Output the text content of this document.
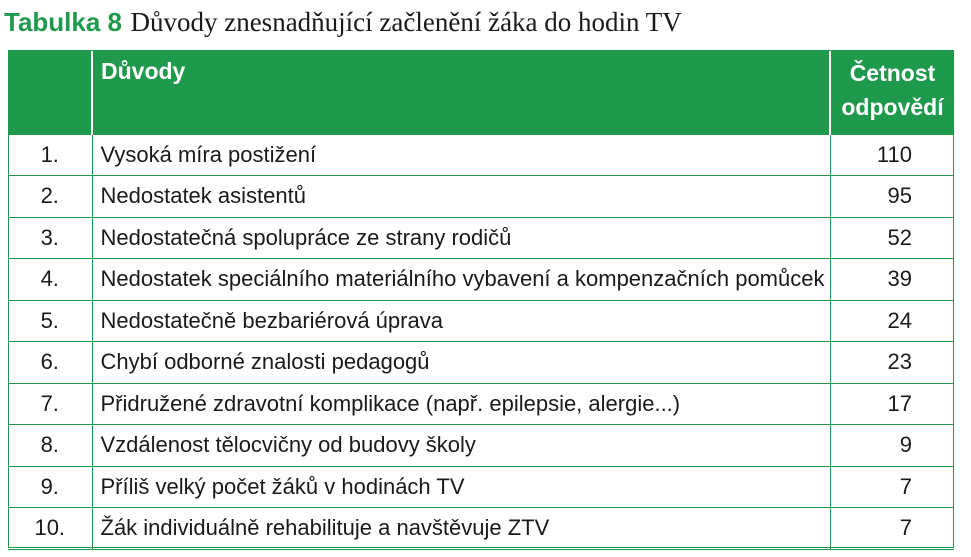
Tabulka 8 Důvody znesnadňující začlenění žáka do hodin TV
	Důvody	Četnost
odpovědí
1.	Vysoká míra postižení	110
2.	Nedostatek asistentů	95
3.	Nedostatečná spolupráce ze strany rodičů	52
4.	Nedostatek speciálního materiálního vybavení a kompenzačních pomůcek	39
5.	Nedostatečně bezbariérová úprava	24
6.	Chybí odborné znalosti pedagogů	23
7.	Přidružené zdravotní komplikace (např. epilepsie, alergie...)	17
8.	Vzdálenost tělocvičny od budovy školy	9
9.	Příliš velký počet žáků v hodinách TV	7
10.	Žák individuálně rehabilituje a navštěvuje ZTV	7
